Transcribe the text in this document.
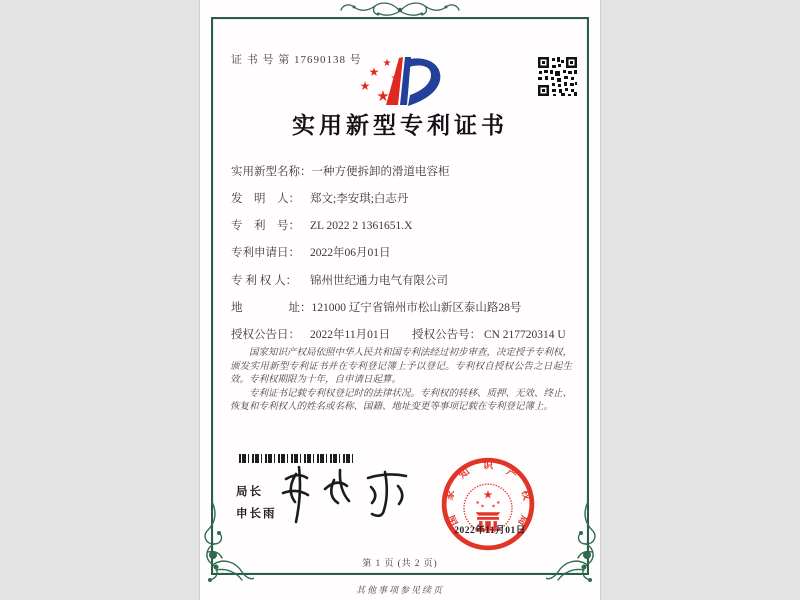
证 书 号 第 17690138 号
★
★
★
★
★
实用新型专利证书
实用新型名称：一种方便拆卸的滑道电容柜
发　明　人： 郑文;李安琪;白志丹
专　利　号： ZL 2022 2 1361651.X
专利申请日： 2022年06月01日
专 利 权 人： 锦州世纪通力电气有限公司
地　　　　址：121000 辽宁省锦州市松山新区泰山路28号
授权公告日： 2022年11月01日 授权公告号： CN 217720314 U

国家知识产权局依照中华人民共和国专利法经过初步审查，决定授予专利权，颁发实用新型专利证书并在专利登记簿上予以登记。专利权自授权公告之日起生效。专利权期限为十年，自申请日起算。

专利证书记载专利权登记时的法律状况。专利权的转移、质押、无效、终止、恢复和专利权人的姓名或名称、国籍、地址变更等事项记载在专利登记簿上。

局长
申长雨	国
家
知
识
产
权
局
★
★
★ ★
★
2022年11月01日
第 1 页 (共 2 页)
其他事项参见续页
